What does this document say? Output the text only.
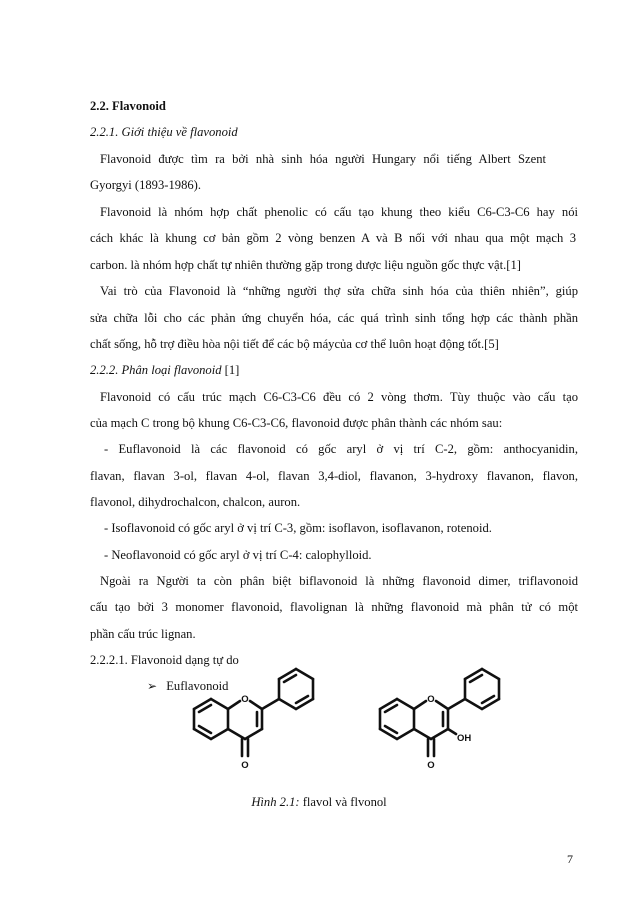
2.2. Flavonoid
2.2.1. Giới thiệu về flavonoid
Flavonoid được tìm ra bởi nhà sinh hóa người Hungary nổi tiếng Albert Szent
Gyorgyi (1893-1986).
Flavonoid là nhóm hợp chất phenolic có cấu tạo khung theo kiểu C6-C3-C6 hay nói
cách khác là khung cơ bản gồm 2 vòng benzen A và B nối với nhau qua một mạch 3
carbon. là nhóm hợp chất tự nhiên thường gặp trong dược liệu nguồn gốc thực vật.[1]
Vai trò của Flavonoid là “những người thợ sửa chữa sinh hóa của thiên nhiên”, giúp
sửa chữa lỗi cho các phản ứng chuyển hóa, các quá trình sinh tổng hợp các thành phần
chất sống, hỗ trợ điều hòa nội tiết để các bộ máycủa cơ thể luôn hoạt động tốt.[5]
2.2.2. Phân loại flavonoid [1]
Flavonoid có cấu trúc mạch C6-C3-C6 đều có 2 vòng thơm. Tùy thuộc vào cấu tạo
của mạch C trong bộ khung C6-C3-C6, flavonoid được phân thành các nhóm sau:
- Euflavonoid là các flavonoid có gốc aryl ở vị trí C-2, gồm: anthocyanidin,
flavan, flavan 3-ol, flavan 4-ol, flavan 3,4-diol, flavanon, 3-hydroxy flavanon, flavon,
flavonol, dihydrochalcon, chalcon, auron.
- Isoflavonoid có gốc aryl ở vị trí C-3, gồm: isoflavon, isoflavanon, rotenoid.
- Neoflavonoid có gốc aryl ở vị trí C-4: calophylloid.
Ngoài ra Người ta còn phân biệt biflavonoid là những flavonoid dimer, triflavonoid
cấu tạo bởi 3 monomer flavonoid, flavolignan là những flavonoid mà phân tử có một
phần cấu trúc lignan.
2.2.2.1. Flavonoid dạng tự do
➢ Euflavonoid
O
O
O
O
OH
Hình 2.1: flavol và flvonol
7
